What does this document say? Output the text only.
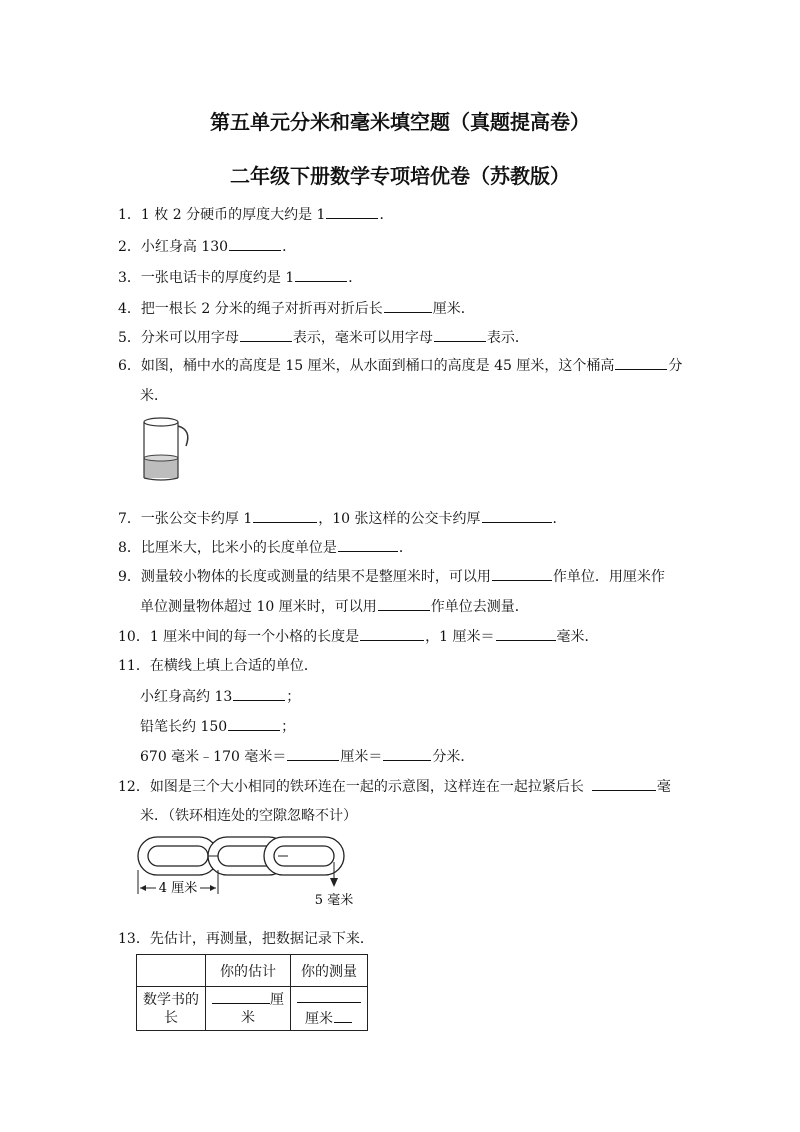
第五单元分米和毫米填空题（真题提高卷）
二年级下册数学专项培优卷（苏教版）
1．1 枚 2 分硬币的厚度大约是 1	．
2．小红身高 130	．
3．一张电话卡的厚度约是 1	．
4．把一根长 2 分米的绳子对折再对折后长	厘米．
5．分米可以用字母	表示，毫米可以用字母	表示．
6．如图，桶中水的高度是 15 厘米，从水面到桶口的高度是 45 厘米，这个桶高	分
米．
7．一张公交卡约厚 1	，10 张这样的公交卡约厚	．
8．比厘米大，比米小的长度单位是	．
9．测量较小物体的长度或测量的结果不是整厘米时，可以用	作单位．用厘米作
单位测量物体超过 10 厘米时，可以用	作单位去测量．
10．1 厘米中间的每一个小格的长度是	，1 厘米＝	毫米．
11．在横线上填上合适的单位．
小红身高约 13	；
铅笔长约 150	；
670 毫米﹣170 毫米＝	厘米＝	分米．
12．如图是三个大小相同的铁环连在一起的示意图，这样连在一起拉紧后长	毫
米．（铁环相连处的空隙忽略不计）
4 厘米
5 毫米
13．先估计，再测量，把数据记录下来．
	你的估计	你的测量
数学书的长	厘
米	厘米
